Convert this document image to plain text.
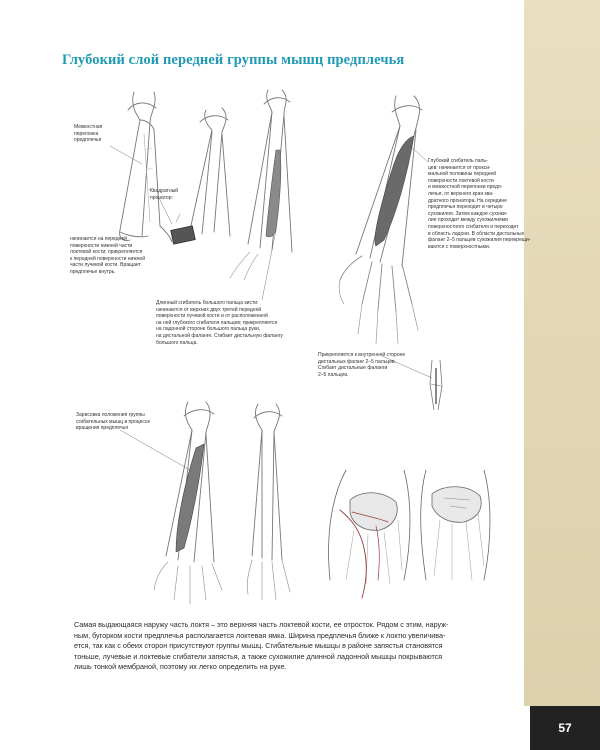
57
Глубокий слой передней группы мышц предплечья

Межкостная
перепонка
предплечья

Квадратный
пронатор:

начинается на передней
поверхности нижней части
локтевой кости; прикрепляется
к передней поверхности нижней
части лучевой кости. Вращает
предплечье внутрь.

Глубокий сгибатель паль-
цев: начинается от прокси-
мальной половины передней
поверхности локтевой кости
и межкостной перепонки предп-
лечья, от верхнего края ква-
дратного пронатора. На середине
предплечья переходит в четыре
сухожилия. Затем каждое сухожи-
лие проходит между сухожилиями
поверхностного сгибателя и переходит
в область ладони. В области дистальных
фаланг 2–5 пальцев сухожилия перекрещи-
ваются с поверхностными.

Длинный сгибатель большого пальца кисти:
начинается от верхних двух третей передней
поверхности лучевой кости и от расположенной
на ней глубокого сгибателя пальцев; прикрепляется
на ладонной стороне большого пальца руки,
на дистальной фаланге. Сгибает дистальную фалангу
большого пальца.

Прикрепляется к внутренней стороне
дистальных фаланг 2–5 пальцев.
Сгибает дистальные фаланги
2–5 пальцев.

Зарисовка положения группы
сгибательных мышц в процессе
вращения предплечья

Самая выдающаяся наружу часть локтя – это верхняя часть локтевой кости, ее отросток. Рядом с этим, наруж-
ным, бугорком кости предплечья располагается локтевая ямка. Ширина предплечья ближе к локтю увеличива-
ется, так как с обеих сторон присутствуют группы мышц. Сгибательные мышцы в районе запястья становятся
тоньше, лучевые и локтевые сгибатели запястья, а также сухожилие длинной ладонной мышцы покрываются
лишь тонкой мембраной, поэтому их легко определить на руке.
